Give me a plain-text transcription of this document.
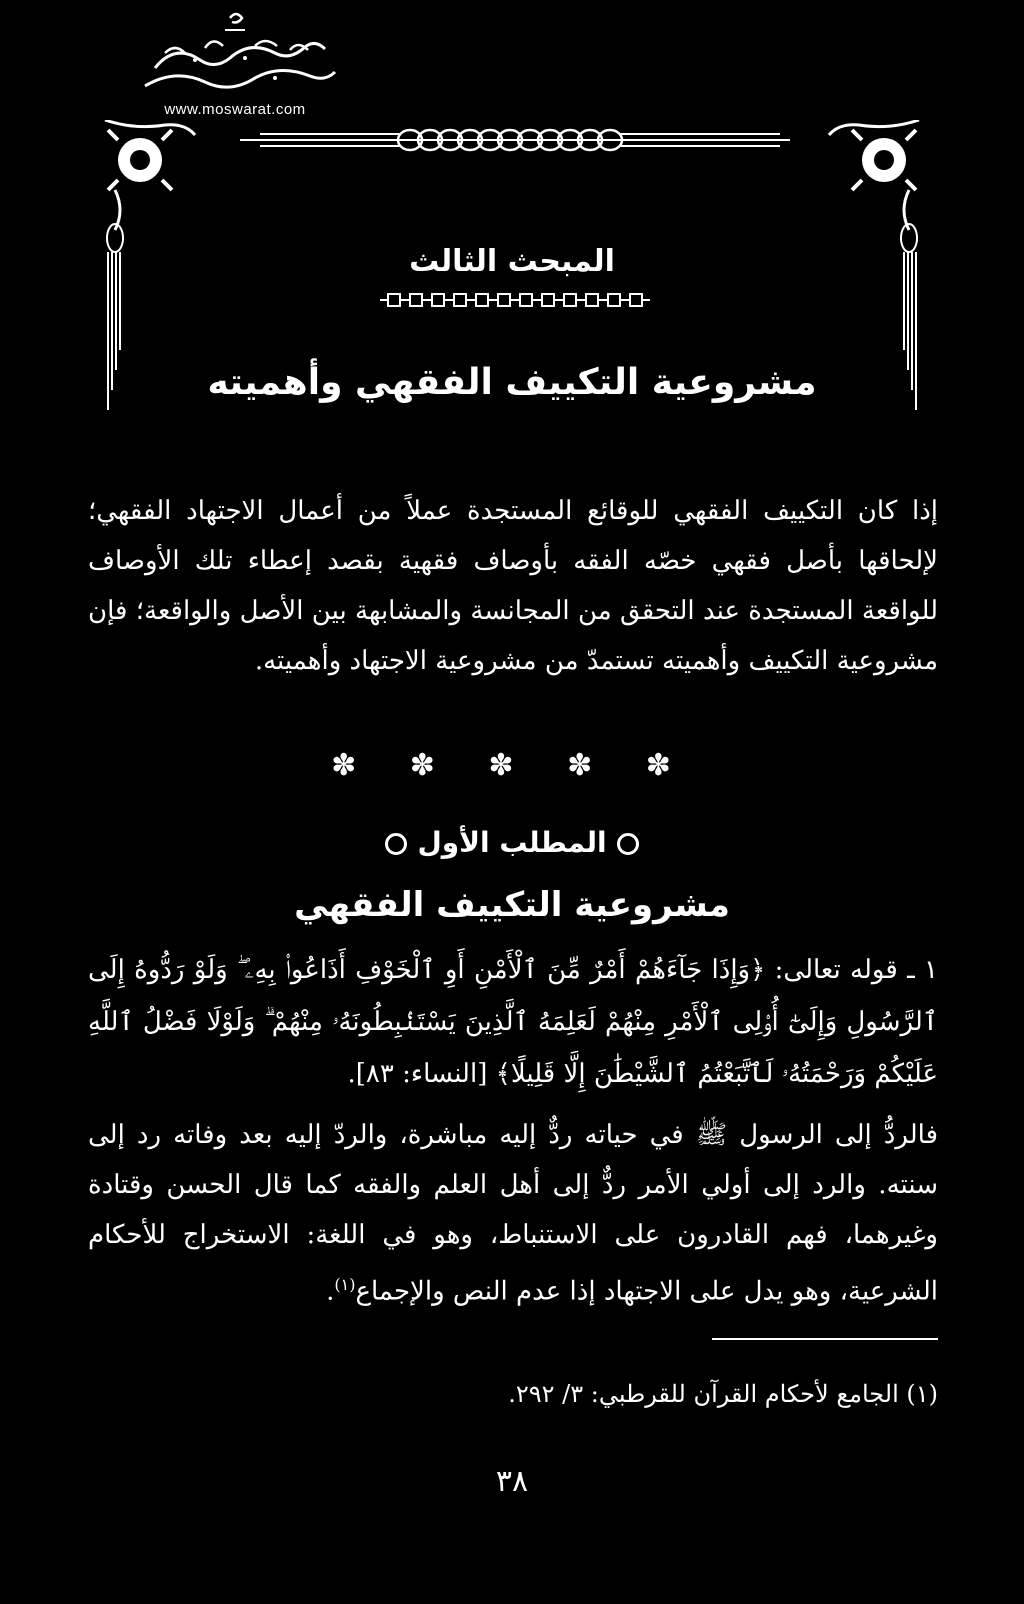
www.moswarat.com
المبحث الثالث
مشروعية التكييف الفقهي وأهميته
إذا كان التكييف الفقهي للوقائع المستجدة عملاً من أعمال الاجتهاد الفقهي؛ لإلحاقها بأصل فقهي خصّه الفقه بأوصاف فقهية بقصد إعطاء تلك الأوصاف للواقعة المستجدة عند التحقق من المجانسة والمشابهة بين الأصل والواقعة؛ فإن مشروعية التكييف وأهميته تستمدّ من مشروعية الاجتهاد وأهميته.
✽ ✽ ✽ ✽ ✽
المطلب الأول
مشروعية التكييف الفقهي
١ ـ قوله تعالى: ﴿وَإِذَا جَآءَهُمْ أَمْرٌ مِّنَ ٱلْأَمْنِ أَوِ ٱلْخَوْفِ أَذَاعُوا۟ بِهِۦ ۖ وَلَوْ رَدُّوهُ إِلَى ٱلرَّسُولِ وَإِلَىٰٓ أُو۟لِى ٱلْأَمْرِ مِنْهُمْ لَعَلِمَهُ ٱلَّذِينَ يَسْتَنۢبِطُونَهُۥ مِنْهُمْ ۗ وَلَوْلَا فَضْلُ ٱللَّهِ عَلَيْكُمْ وَرَحْمَتُهُۥ لَٱتَّبَعْتُمُ ٱلشَّيْطَٰنَ إِلَّا قَلِيلًا﴾ [النساء: ٨٣].
فالردُّ إلى الرسول ﷺ في حياته ردٌّ إليه مباشرة، والردّ إليه بعد وفاته رد إلى سنته. والرد إلى أولي الأمر ردٌّ إلى أهل العلم والفقه كما قال الحسن وقتادة وغيرهما، فهم القادرون على الاستنباط، وهو في اللغة: الاستخراج للأحكام الشرعية، وهو يدل على الاجتهاد إذا عدم النص والإجماع$^{(١)}$.
(١) الجامع لأحكام القرآن للقرطبي: ٣/ ٢٩٢.
٣٨
